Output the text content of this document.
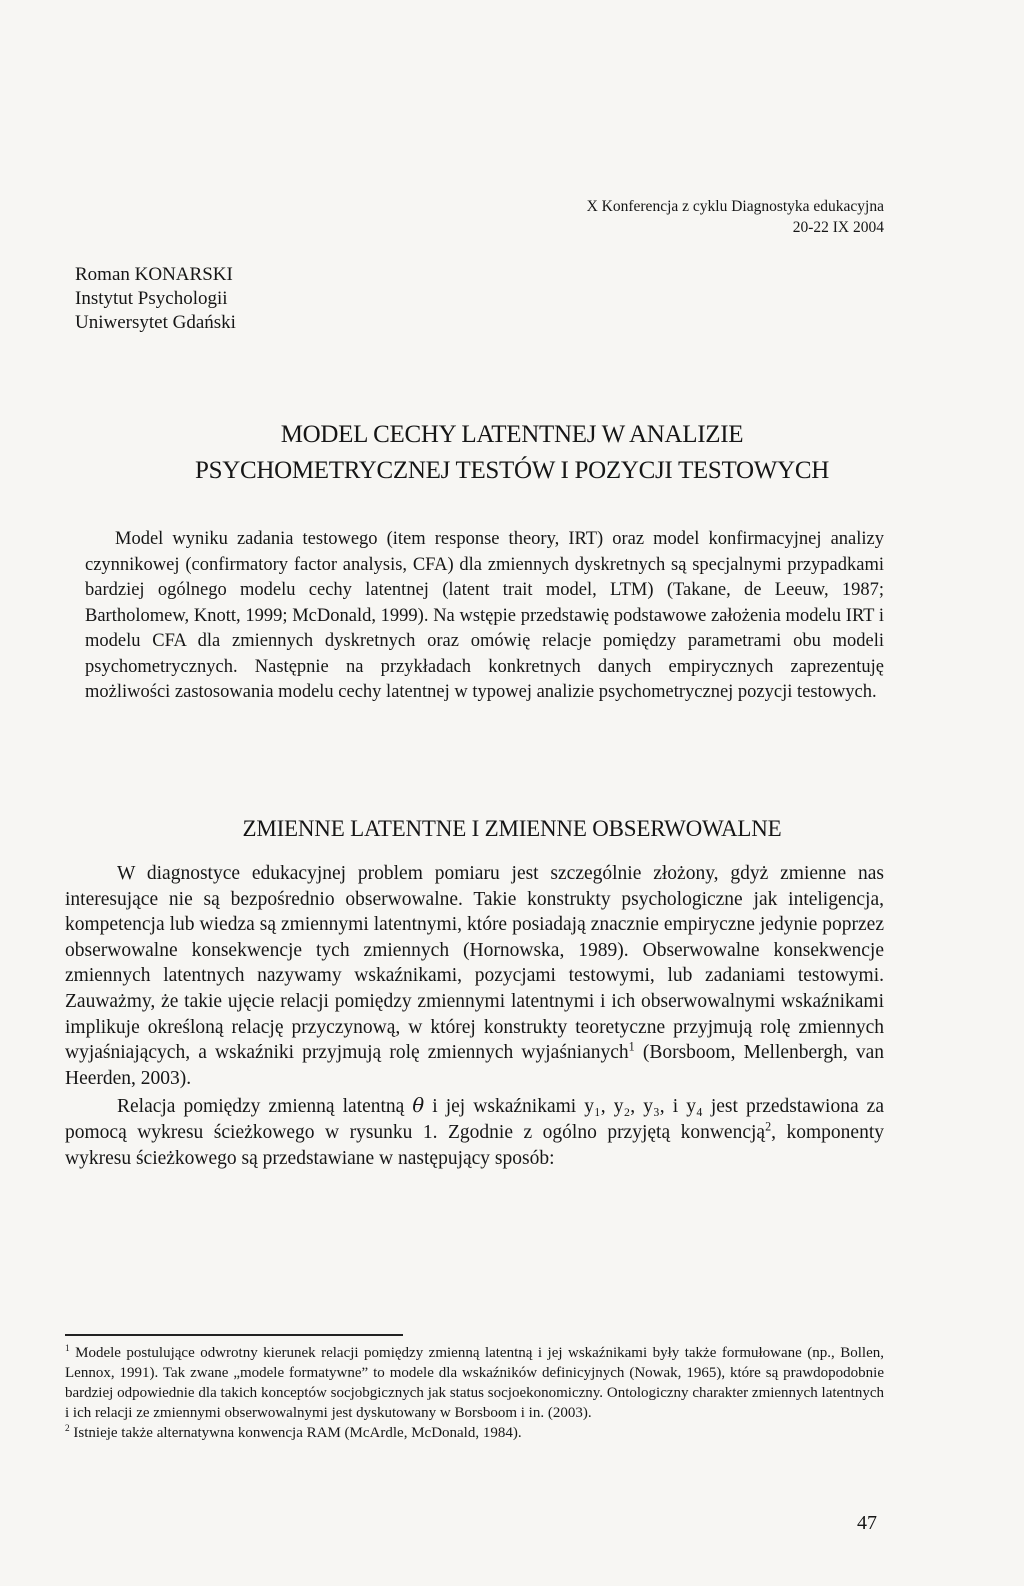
X Konferencja z cyklu Diagnostyka edukacyjna
20-22 IX 2004
Roman KONARSKI
Instytut Psychologii
Uniwersytet Gdański
MODEL CECHY LATENTNEJ W ANALIZIE
PSYCHOMETRYCZNEJ TESTÓW I POZYCJI TESTOWYCH

Model wyniku zadania testowego (item response theory, IRT) oraz model konfirmacyjnej analizy czynnikowej (confirmatory factor analysis, CFA) dla zmiennych dyskretnych są specjalnymi przypadkami bardziej ogólnego modelu cechy latentnej (latent trait model, LTM) (Takane, de Leeuw, 1987; Bartholomew, Knott, 1999; McDonald, 1999). Na wstępie przedstawię podstawowe założenia modelu IRT i modelu CFA dla zmiennych dyskretnych oraz omówię relacje pomiędzy parametrami obu modeli psychometrycznych. Następnie na przykładach konkretnych danych empirycznych zaprezentuję możliwości zastosowania modelu cechy latentnej w typowej analizie psychometrycznej pozycji testowych.

ZMIENNE LATENTNE I ZMIENNE OBSERWOWALNE

W diagnostyce edukacyjnej problem pomiaru jest szczególnie złożony, gdyż zmienne nas interesujące nie są bezpośrednio obserwowalne. Takie konstrukty psychologiczne jak inteligencja, kompetencja lub wiedza są zmiennymi latentnymi, które posiadają znacznie empiryczne jedynie poprzez obserwowalne konsekwencje tych zmiennych (Hornowska, 1989). Obserwowalne konsekwencje zmiennych latentnych nazywamy wskaźnikami, pozycjami testowymi, lub zadaniami testowymi. Zauważmy, że takie ujęcie relacji pomiędzy zmiennymi latentnymi i ich obserwowalnymi wskaźnikami implikuje określoną relację przyczynową, w której konstrukty teoretyczne przyjmują rolę zmiennych wyjaśniających, a wskaźniki przyjmują rolę zmiennych wyjaśnianych$^1$ (Borsboom, Mellenbergh, van Heerden, 2003).

Relacja pomiędzy zmienną latentną θ i jej wskaźnikami y₁, y₂, y₃, i y₄ jest przedstawiona za pomocą wykresu ścieżkowego w rysunku 1. Zgodnie z ogólno przyjętą konwencją$^2$, komponenty wykresu ścieżkowego są przedstawiane w następujący sposób:

$^1$ Modele postulujące odwrotny kierunek relacji pomiędzy zmienną latentną i jej wskaźnikami były także formułowane (np., Bollen, Lennox, 1991). Tak zwane „modele formatywne” to modele dla wskaźników definicyjnych (Nowak, 1965), które są prawdopodobnie bardziej odpowiednie dla takich konceptów socjobgicznych jak status socjoekonomiczny. Ontologiczny charakter zmiennych latentnych i ich relacji ze zmiennymi obserwowalnymi jest dyskutowany w Borsboom i in. (2003).

$^2$ Istnieje także alternatywna konwencja RAM (McArdle, McDonald, 1984).

47
